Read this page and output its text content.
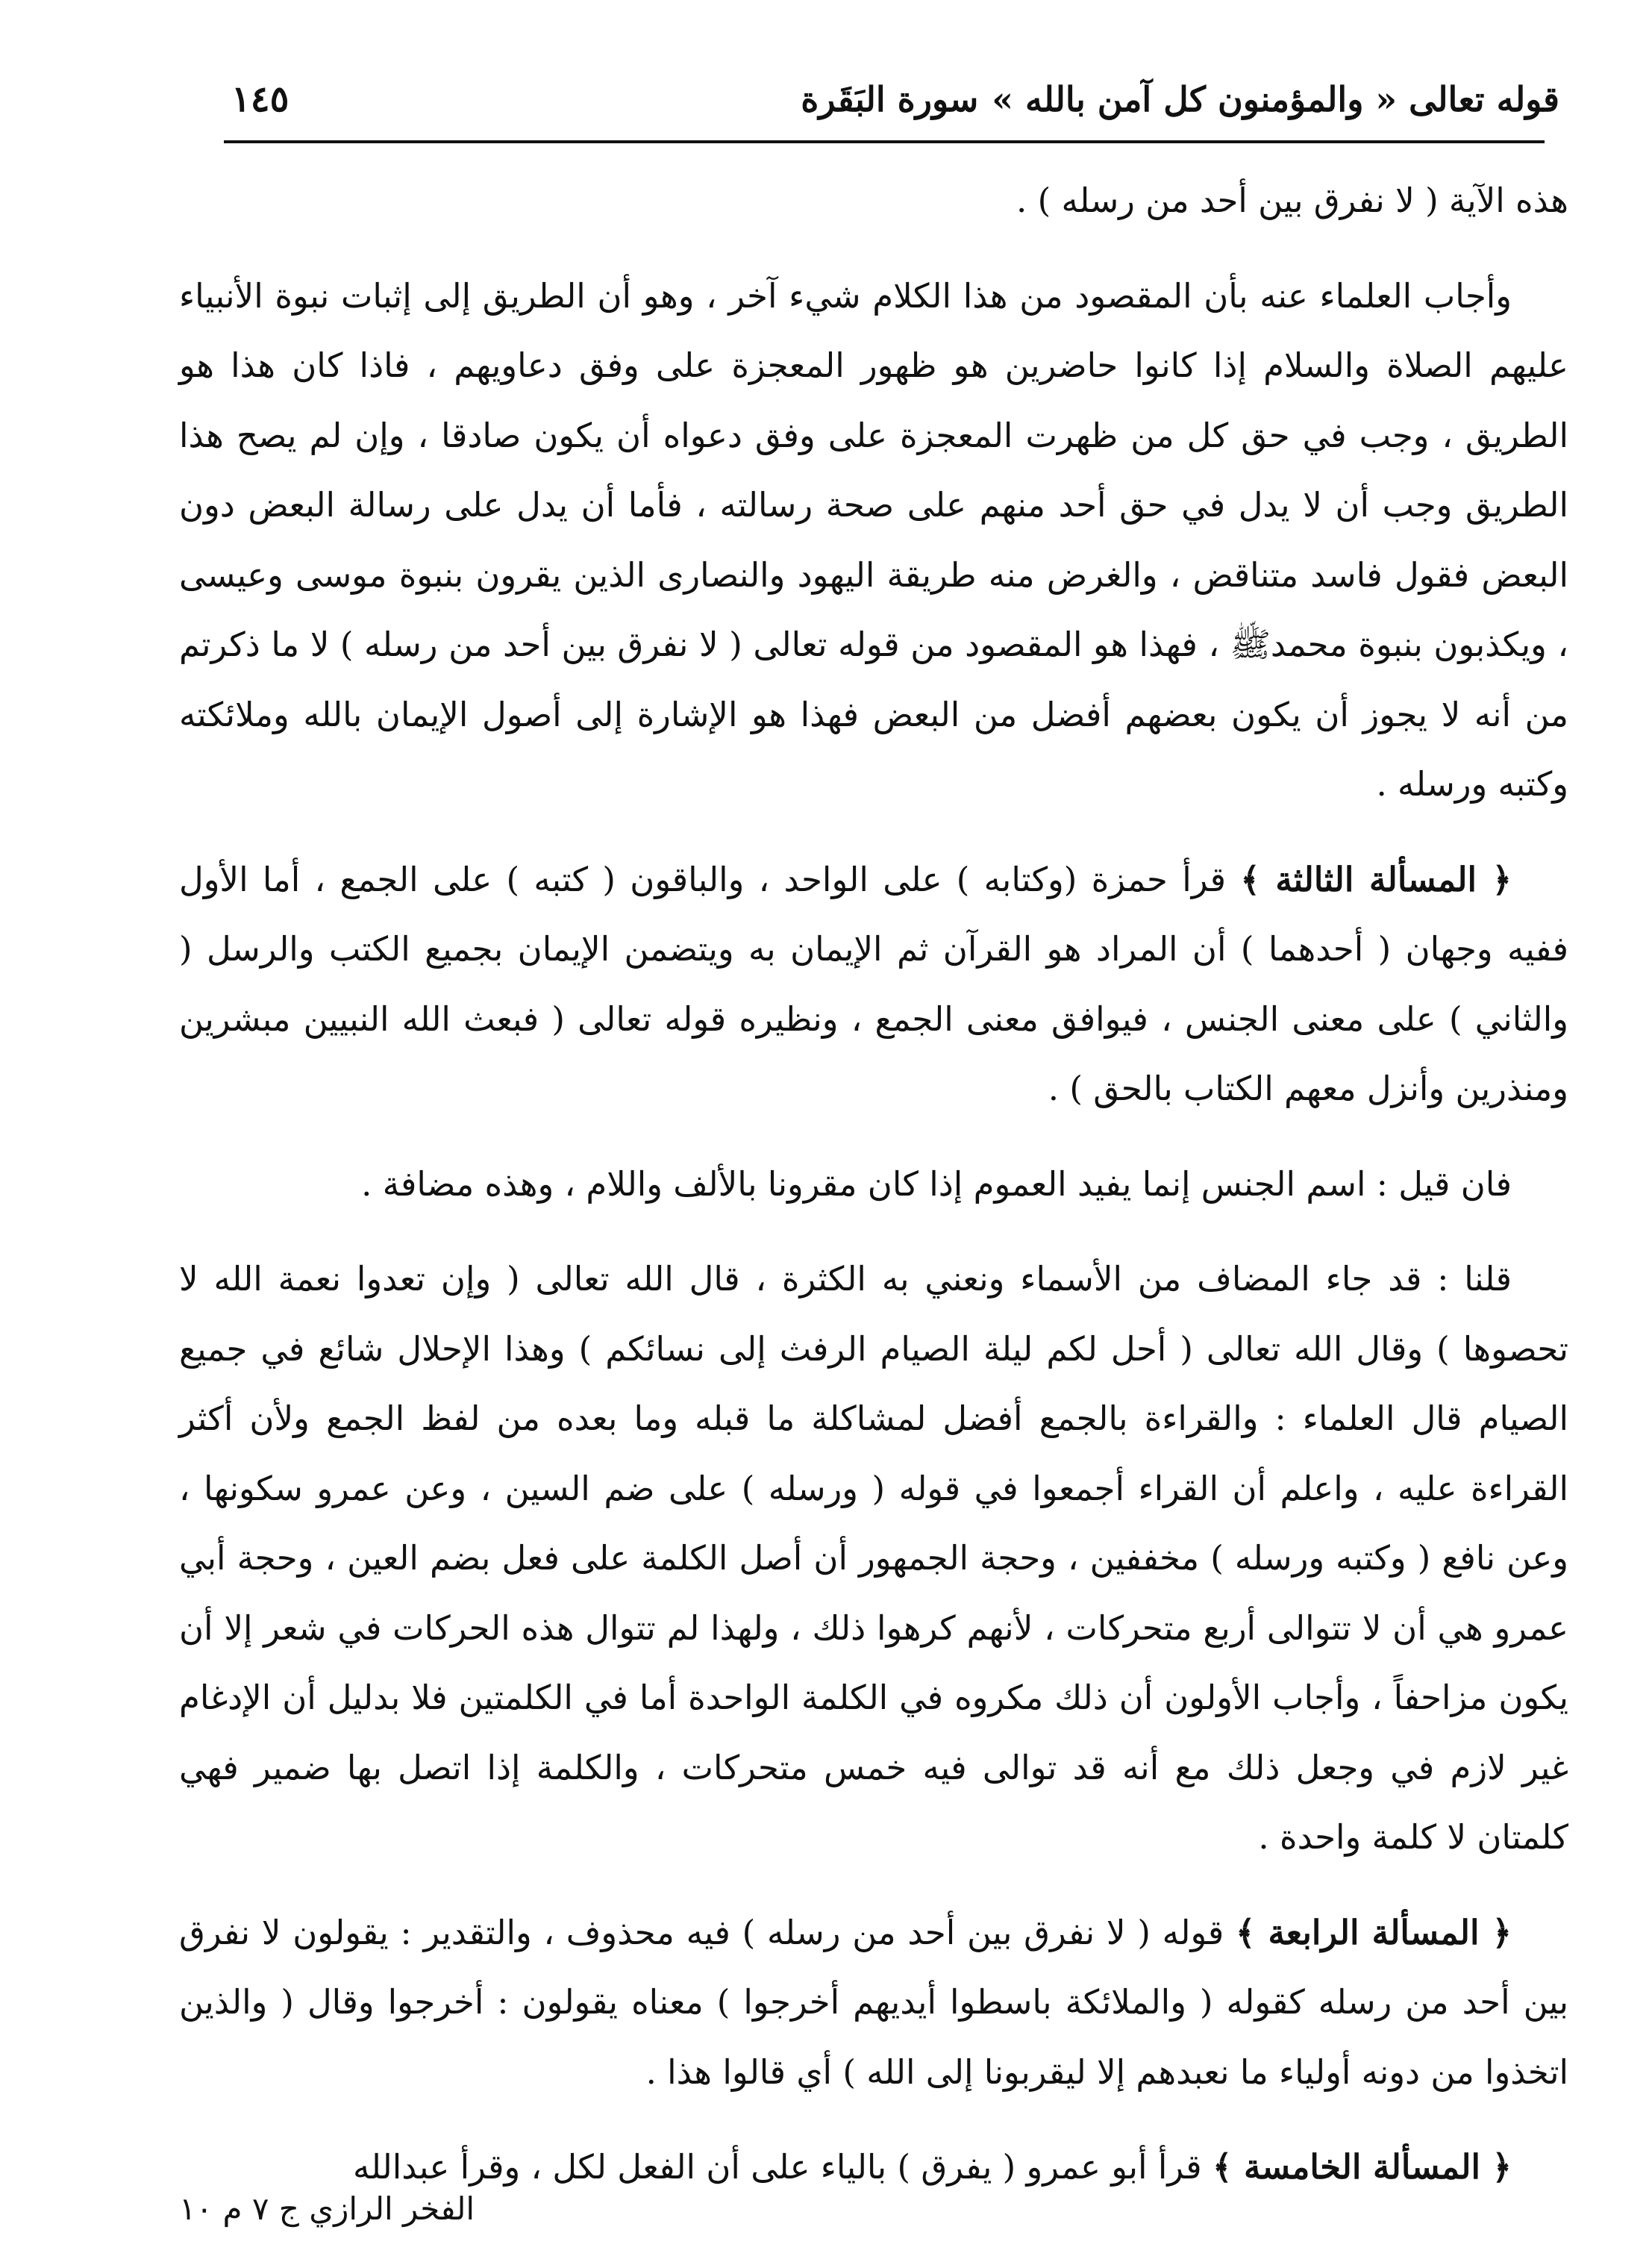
قوله تعالى « والمؤمنون كل آمن بالله »سورة البَقَرة
١٤٥

هذه الآية ( لا نفرق بين أحد من رسله ) .

وأجاب العلماء عنه بأن المقصود من هذا الكلام شيء آخر ، وهو أن الطريق إلى إثبات نبوة الأنبياء عليهم الصلاة والسلام إذا كانوا حاضرين هو ظهور المعجزة على وفق دعاويهم ، فاذا كان هذا هو الطريق ، وجب في حق كل من ظهرت المعجزة على وفق دعواه أن يكون صادقا ، وإن لم يصح هذا الطريق وجب أن لا يدل في حق أحد منهم على صحة رسالته ، فأما أن يدل على رسالة البعض دون البعض فقول فاسد متناقض ، والغرض منه طريقة اليهود والنصارى الذين يقرون بنبوة موسى وعيسى ، ويكذبون بنبوة محمدﷺ ، فهذا هو المقصود من قوله تعالى ( لا نفرق بين أحد من رسله ) لا ما ذكرتم من أنه لا يجوز أن يكون بعضهم أفضل من البعض فهذا هو الإشارة إلى أصول الإيمان بالله وملائكته وكتبه ورسله .

﴿ المسألة الثالثة ﴾ قرأ حمزة (وكتابه ) على الواحد ، والباقون ( كتبه ) على الجمع ، أما الأول ففيه وجهان ( أحدهما ) أن المراد هو القرآن ثم الإيمان به ويتضمن الإيمان بجميع الكتب والرسل ( والثاني ) على معنى الجنس ، فيوافق معنى الجمع ، ونظيره قوله تعالى ( فبعث الله النبيين مبشرين ومنذرين وأنزل معهم الكتاب بالحق ) .

فان قيل : اسم الجنس إنما يفيد العموم إذا كان مقرونا بالألف واللام ، وهذه مضافة .

قلنا : قد جاء المضاف من الأسماء ونعني به الكثرة ، قال الله تعالى ( وإن تعدوا نعمة الله لا تحصوها ) وقال الله تعالى ( أحل لكم ليلة الصيام الرفث إلى نسائكم ) وهذا الإحلال شائع في جميع الصيام قال العلماء : والقراءة بالجمع أفضل لمشاكلة ما قبله وما بعده من لفظ الجمع ولأن أكثر القراءة عليه ، واعلم أن القراء أجمعوا في قوله ( ورسله ) على ضم السين ، وعن عمرو سكونها ، وعن نافع ( وكتبه ورسله ) مخففين ، وحجة الجمهور أن أصل الكلمة على فعل بضم العين ، وحجة أبي عمرو هي أن لا تتوالى أربع متحركات ، لأنهم كرهوا ذلك ، ولهذا لم تتوال هذه الحركات في شعر إلا أن يكون مزاحفاً ، وأجاب الأولون أن ذلك مكروه في الكلمة الواحدة أما في الكلمتين فلا بدليل أن الإدغام غير لازم في وجعل ذلك مع أنه قد توالى فيه خمس متحركات ، والكلمة إذا اتصل بها ضمير فهي كلمتان لا كلمة واحدة .

﴿ المسألة الرابعة ﴾ قوله ( لا نفرق بين أحد من رسله ) فيه محذوف ، والتقدير : يقولون لا نفرق بين أحد من رسله كقوله ( والملائكة باسطوا أيديهم أخرجوا ) معناه يقولون : أخرجوا وقال ( والذين اتخذوا من دونه أولياء ما نعبدهم إلا ليقربونا إلى الله ) أي قالوا هذا .

﴿ المسألة الخامسة ﴾ قرأ أبو عمرو ( يفرق ) بالياء على أن الفعل لكل ، وقرأ عبدالله

الفخر الرازي ج ٧ م ١٠
